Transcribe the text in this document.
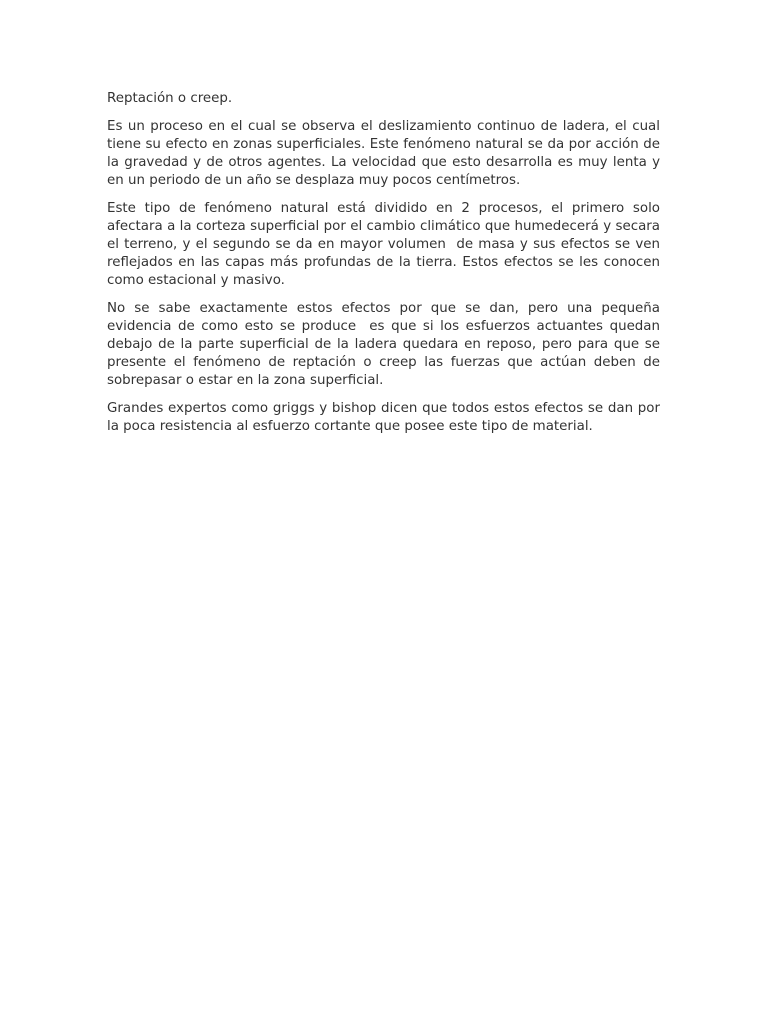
Reptación o creep.

Es un proceso en el cual se observa el deslizamiento continuo de ladera, el cual tiene su efecto en zonas superficiales. Este fenómeno natural se da por acción de la gravedad y de otros agentes. La velocidad que esto desarrolla es muy lenta y en un periodo de un año se desplaza muy pocos centímetros.

Este tipo de fenómeno natural está dividido en 2 procesos, el primero solo afectara a la corteza superficial por el cambio climático que humedecerá y secara el terreno, y el segundo se da en mayor volumen  de masa y sus efectos se ven reflejados en las capas más profundas de la tierra. Estos efectos se les conocen como estacional y masivo.

No se sabe exactamente estos efectos por que se dan, pero una pequeña evidencia de como esto se produce  es que si los esfuerzos actuantes quedan debajo de la parte superficial de la ladera quedara en reposo, pero para que se presente el fenómeno de reptación o creep las fuerzas que actúan deben de sobrepasar o estar en la zona superficial.

Grandes expertos como griggs y bishop dicen que todos estos efectos se dan por la poca resistencia al esfuerzo cortante que posee este tipo de material.
